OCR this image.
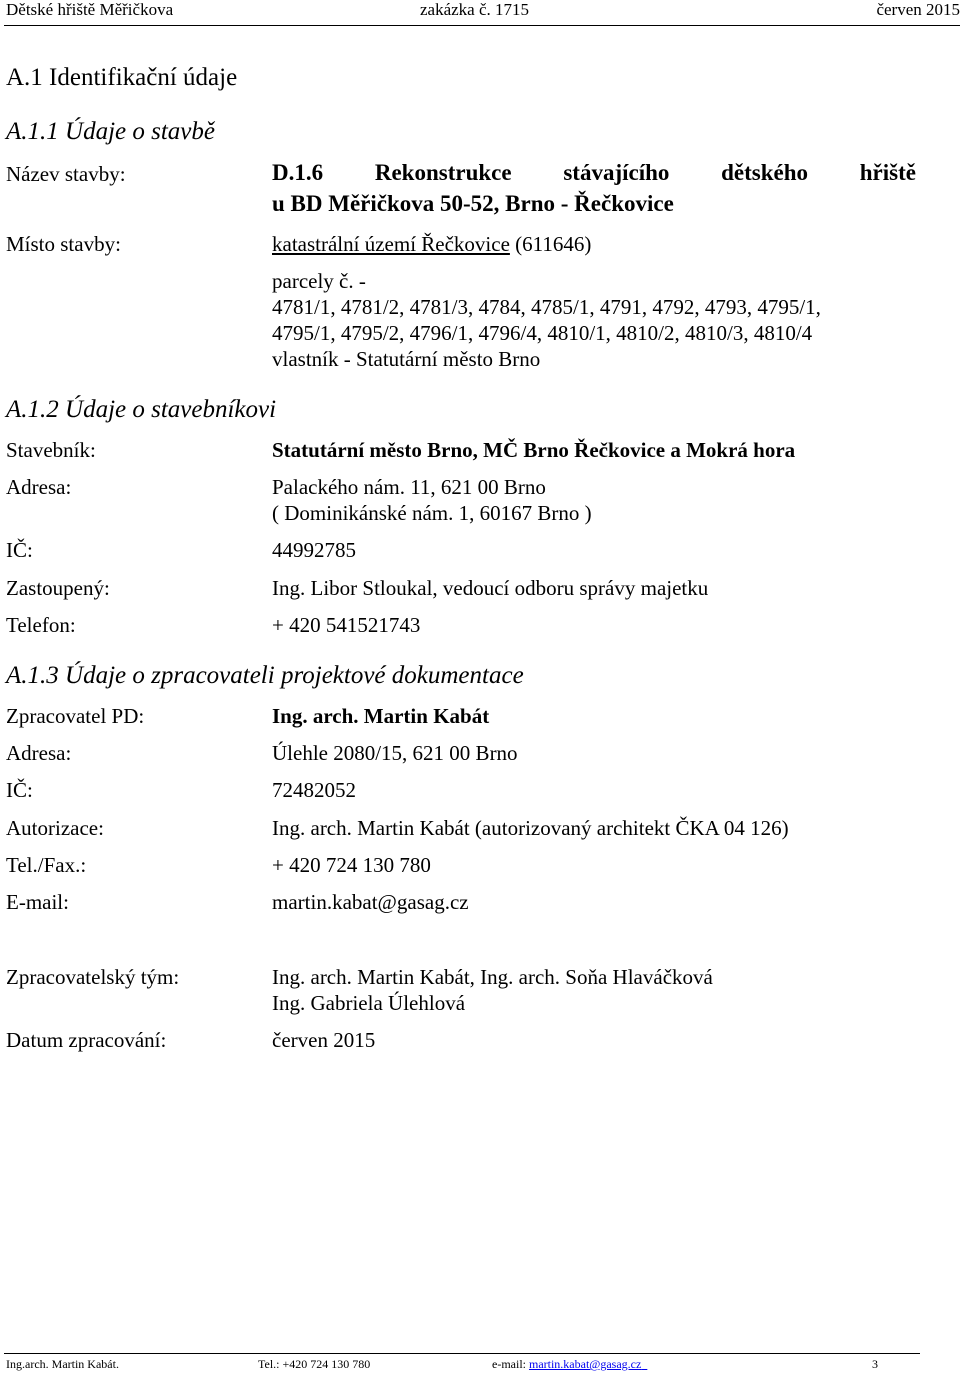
Dětské hřiště Měřičkova	zakázka č. 1715	červen 2015
A.1 Identifikační údaje
A.1.1 Údaje o stavbě
Název stavby:	D.1.6 Rekonstrukce stávajícího dětského hřiště
u BD Měřičkova 50-52, Brno - Řečkovice
Místo stavby:	katastrální území Řečkovice (611646)
parcely č. -
4781/1, 4781/2, 4781/3, 4784, 4785/1, 4791, 4792, 4793, 4795/1,
4795/1, 4795/2, 4796/1, 4796/4, 4810/1, 4810/2, 4810/3, 4810/4
vlastník - Statutární město Brno
A.1.2 Údaje o stavebníkovi
Stavebník:	Statutární město Brno, MČ Brno Řečkovice a Mokrá hora
Adresa:	Palackého nám. 11, 621 00 Brno
( Dominikánské nám. 1, 60167 Brno )
IČ:	44992785
Zastoupený:	Ing. Libor Stloukal, vedoucí odboru správy majetku
Telefon:	+ 420 541521743
A.1.3 Údaje o zpracovateli projektové dokumentace
Zpracovatel PD:	Ing. arch. Martin Kabát
Adresa:	Úlehle 2080/15, 621 00 Brno
IČ:	72482052
Autorizace:	Ing. arch. Martin Kabát (autorizovaný architekt ČKA 04 126)
Tel./Fax.:	+ 420 724 130 780
E-mail:	martin.kabat@gasag.cz
Zpracovatelský tým:	Ing. arch. Martin Kabát, Ing. arch. Soňa Hlaváčková
Ing. Gabriela Úlehlová
Datum zpracování:	červen 2015
Ing.arch. Martin Kabát.	Tel.: +420 724 130 780	e-mail: martin.kabat@gasag.cz	3
